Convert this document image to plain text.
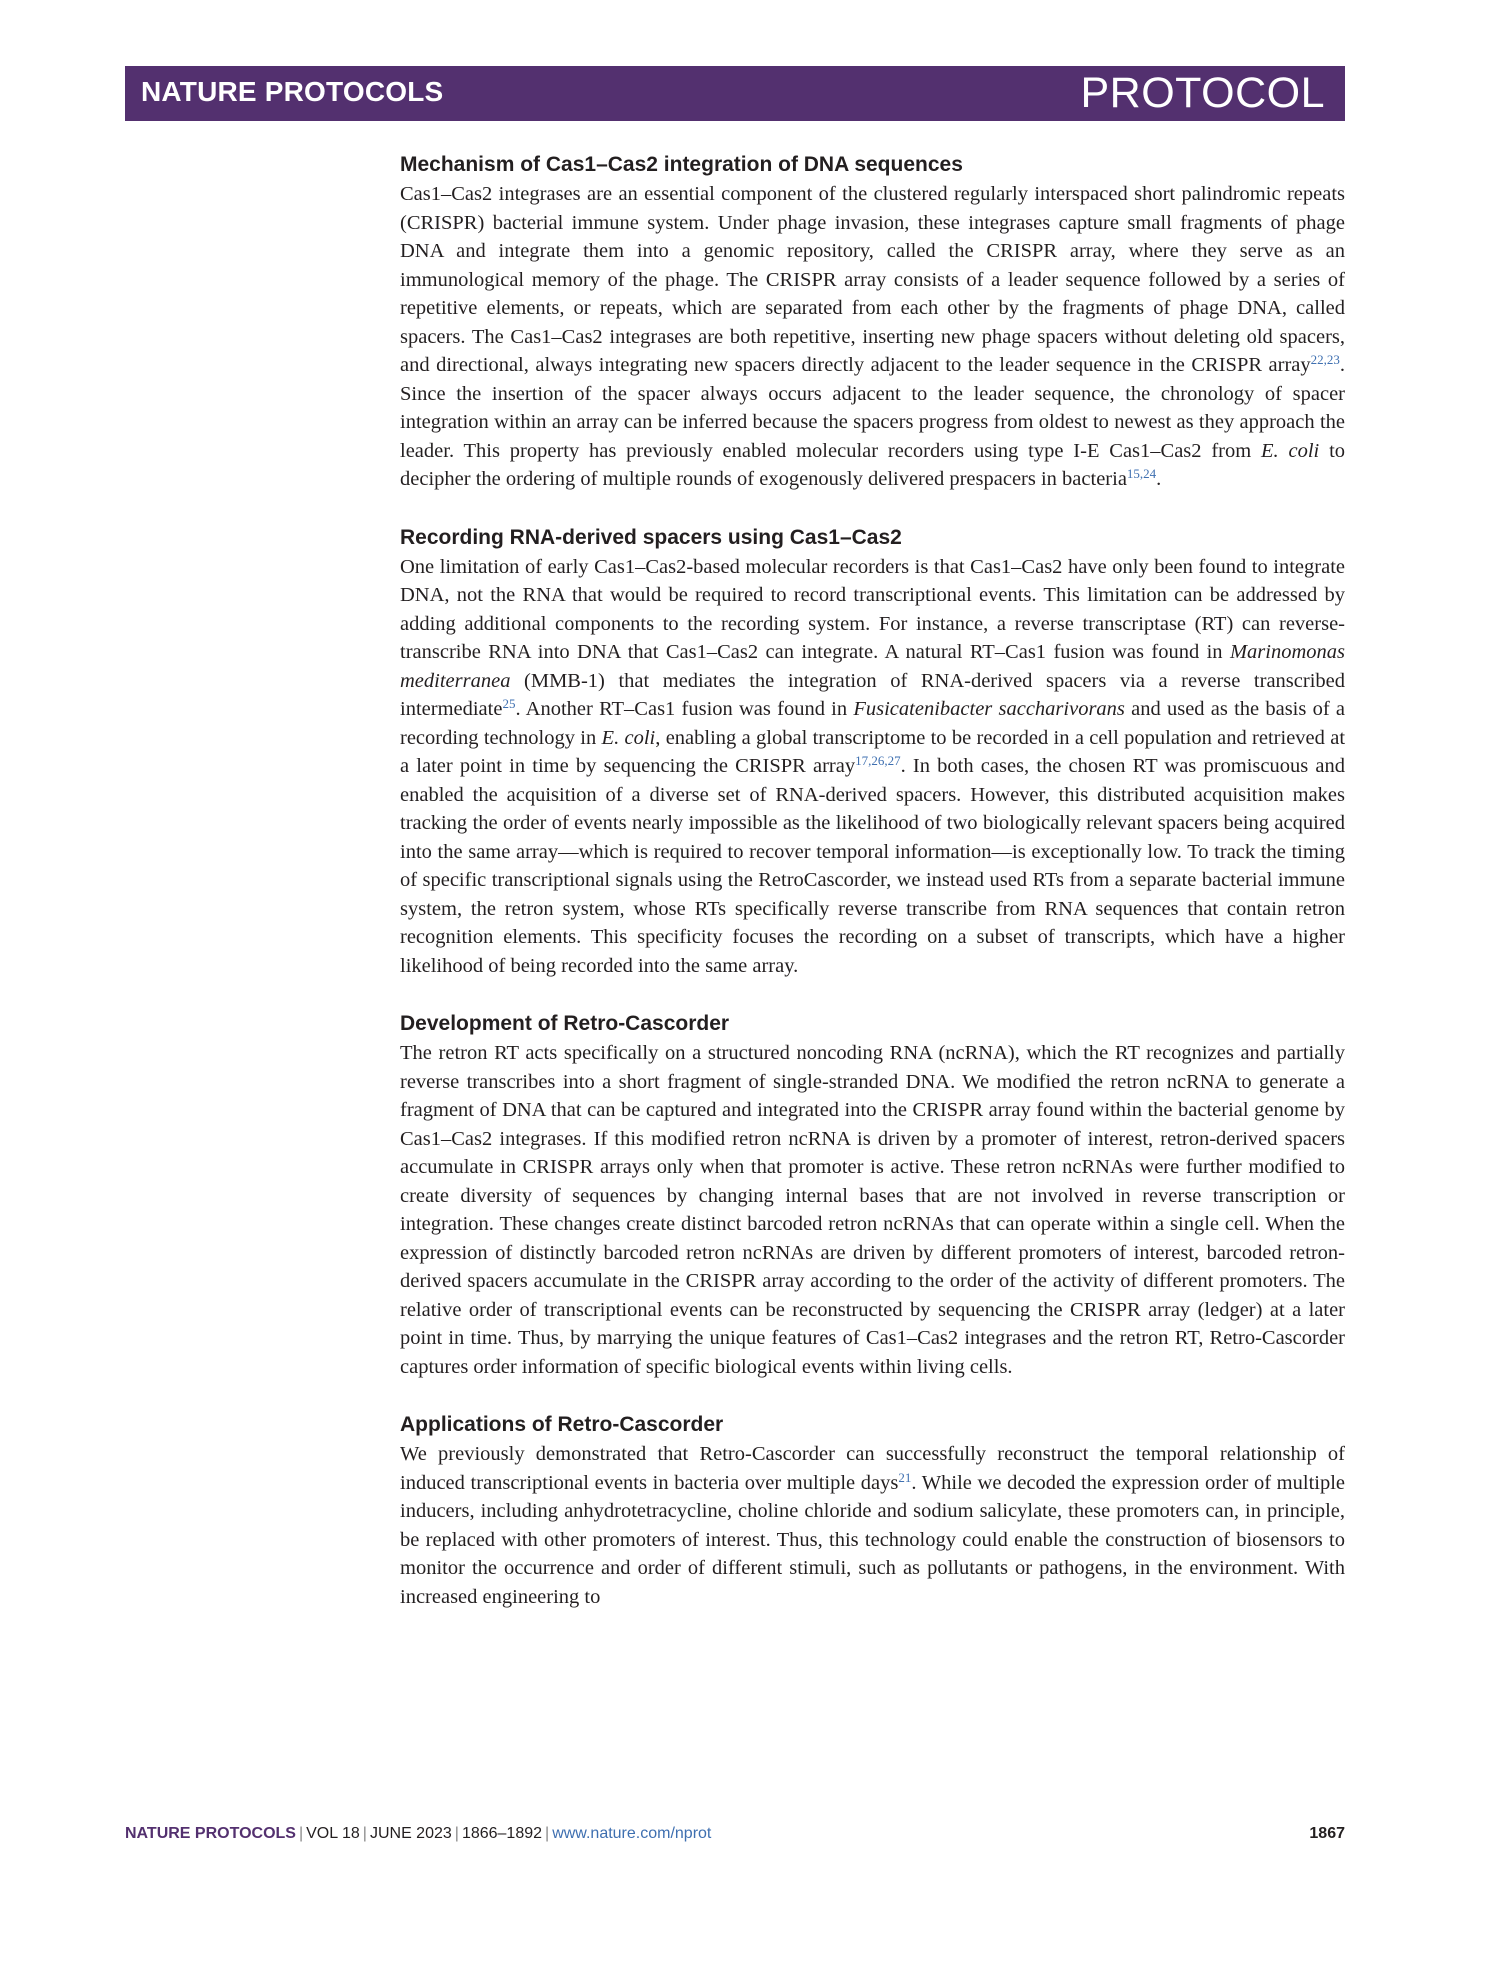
NATURE PROTOCOLS	PROTOCOL
Mechanism of Cas1–Cas2 integration of DNA sequences

Cas1–Cas2 integrases are an essential component of the clustered regularly interspaced short palindromic repeats (CRISPR) bacterial immune system. Under phage invasion, these integrases capture small fragments of phage DNA and integrate them into a genomic repository, called the CRISPR array, where they serve as an immunological memory of the phage. The CRISPR array consists of a leader sequence followed by a series of repetitive elements, or repeats, which are separated from each other by the fragments of phage DNA, called spacers. The Cas1–Cas2 integrases are both repetitive, inserting new phage spacers without deleting old spacers, and directional, always integrating new spacers directly adjacent to the leader sequence in the CRISPR array$^{22,23}$. Since the insertion of the spacer always occurs adjacent to the leader sequence, the chronology of spacer integration within an array can be inferred because the spacers progress from oldest to newest as they approach the leader. This property has previously enabled molecular recorders using type I-E Cas1–Cas2 from E. coli to decipher the ordering of multiple rounds of exogenously delivered prespacers in bacteria$^{15,24}$.

Recording RNA-derived spacers using Cas1–Cas2

One limitation of early Cas1–Cas2-based molecular recorders is that Cas1–Cas2 have only been found to integrate DNA, not the RNA that would be required to record transcriptional events. This limitation can be addressed by adding additional components to the recording system. For instance, a reverse transcriptase (RT) can reverse-transcribe RNA into DNA that Cas1–Cas2 can integrate. A natural RT–Cas1 fusion was found in Marinomonas mediterranea (MMB-1) that mediates the integration of RNA-derived spacers via a reverse transcribed intermediate$^{25}$. Another RT–Cas1 fusion was found in Fusicatenibacter saccharivorans and used as the basis of a recording technology in E. coli, enabling a global transcriptome to be recorded in a cell population and retrieved at a later point in time by sequencing the CRISPR array$^{17,26,27}$. In both cases, the chosen RT was promiscuous and enabled the acquisition of a diverse set of RNA-derived spacers. However, this distributed acquisition makes tracking the order of events nearly impossible as the likelihood of two biologically relevant spacers being acquired into the same array—which is required to recover temporal information—is exceptionally low. To track the timing of specific transcriptional signals using the RetroCascorder, we instead used RTs from a separate bacterial immune system, the retron system, whose RTs specifically reverse transcribe from RNA sequences that contain retron recognition elements. This specificity focuses the recording on a subset of transcripts, which have a higher likelihood of being recorded into the same array.

Development of Retro-Cascorder

The retron RT acts specifically on a structured noncoding RNA (ncRNA), which the RT recognizes and partially reverse transcribes into a short fragment of single-stranded DNA. We modified the retron ncRNA to generate a fragment of DNA that can be captured and integrated into the CRISPR array found within the bacterial genome by Cas1–Cas2 integrases. If this modified retron ncRNA is driven by a promoter of interest, retron-derived spacers accumulate in CRISPR arrays only when that promoter is active. These retron ncRNAs were further modified to create diversity of sequences by changing internal bases that are not involved in reverse transcription or integration. These changes create distinct barcoded retron ncRNAs that can operate within a single cell. When the expression of distinctly barcoded retron ncRNAs are driven by different promoters of interest, barcoded retronderived spacers accumulate in the CRISPR array according to the order of the activity of different promoters. The relative order of transcriptional events can be reconstructed by sequencing the CRISPR array (ledger) at a later point in time. Thus, by marrying the unique features of Cas1–Cas2 integrases and the retron RT, Retro-Cascorder captures order information of specific biological events within living cells.

Applications of Retro-Cascorder

We previously demonstrated that Retro-Cascorder can successfully reconstruct the temporal relationship of induced transcriptional events in bacteria over multiple days$^{21}$. While we decoded the expression order of multiple inducers, including anhydrotetracycline, choline chloride and sodium salicylate, these promoters can, in principle, be replaced with other promoters of interest. Thus, this technology could enable the construction of biosensors to monitor the occurrence and order of different stimuli, such as pollutants or pathogens, in the environment. With increased engineering to

NATURE PROTOCOLS | VOL 18 | JUNE 2023 | 1866–1892 | www.nature.com/nprot	1867
